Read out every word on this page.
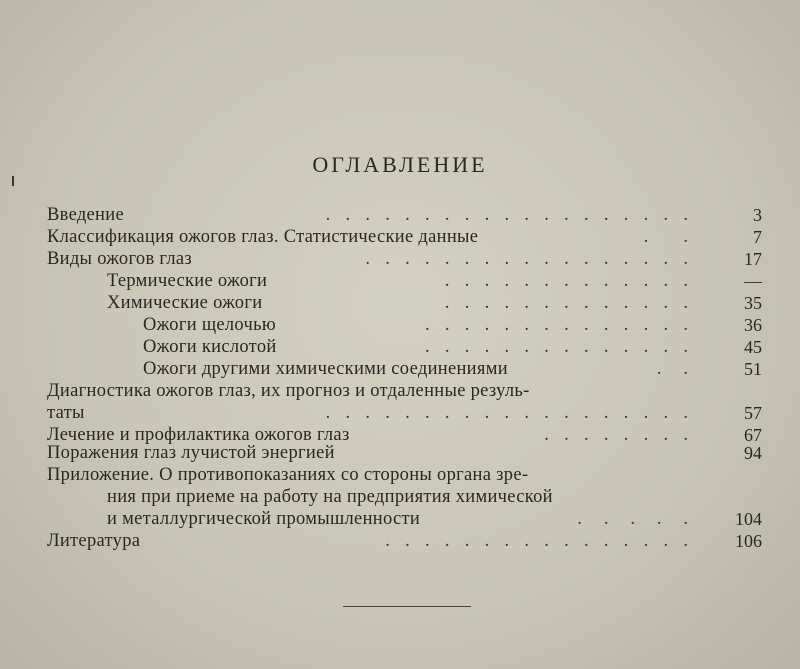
ОГЛАВЛЕНИЕ
Введение	.  .  .  .  .  .  .  .  .  .  .  .  .  .  .  .  .  .  .	3
Классификация ожогов глаз. Статистические данные	.     .	7
Виды ожогов глаз	.  .  .  .  .  .  .  .  .  .  .  .  .  .  .  .  .	17
Термические ожоги	.  .  .  .  .  .  .  .  .  .  .  .  .	—
Химические ожоги	.  .  .  .  .  .  .  .  .  .  .  .  .	35
Ожоги щелочью	.  .  .  .  .  .  .  .  .  .  .  .  .  .	36
Ожоги кислотой	.  .  .  .  .  .  .  .  .  .  .  .  .  .	45
Ожоги другими химическими соединениями	.   .	51
Диагностика ожогов глаз, их прогноз и отдаленные резуль-
таты	.  .  .  .  .  .  .  .  .  .  .  .  .  .  .  .  .  .  .	57
Лечение и профилактика ожогов глаз	.  .  .  .  .  .  .  .	67
Поражения глаз лучистой энергией	94
Приложение. О противопоказаниях со стороны органа зре-
ния при приеме на работу на предприятия химической
и металлургической промышленности	.   .   .   .   .	104
Литература	.  .  .  .  .  .  .  .  .  .  .  .  .  .  .  .	106
